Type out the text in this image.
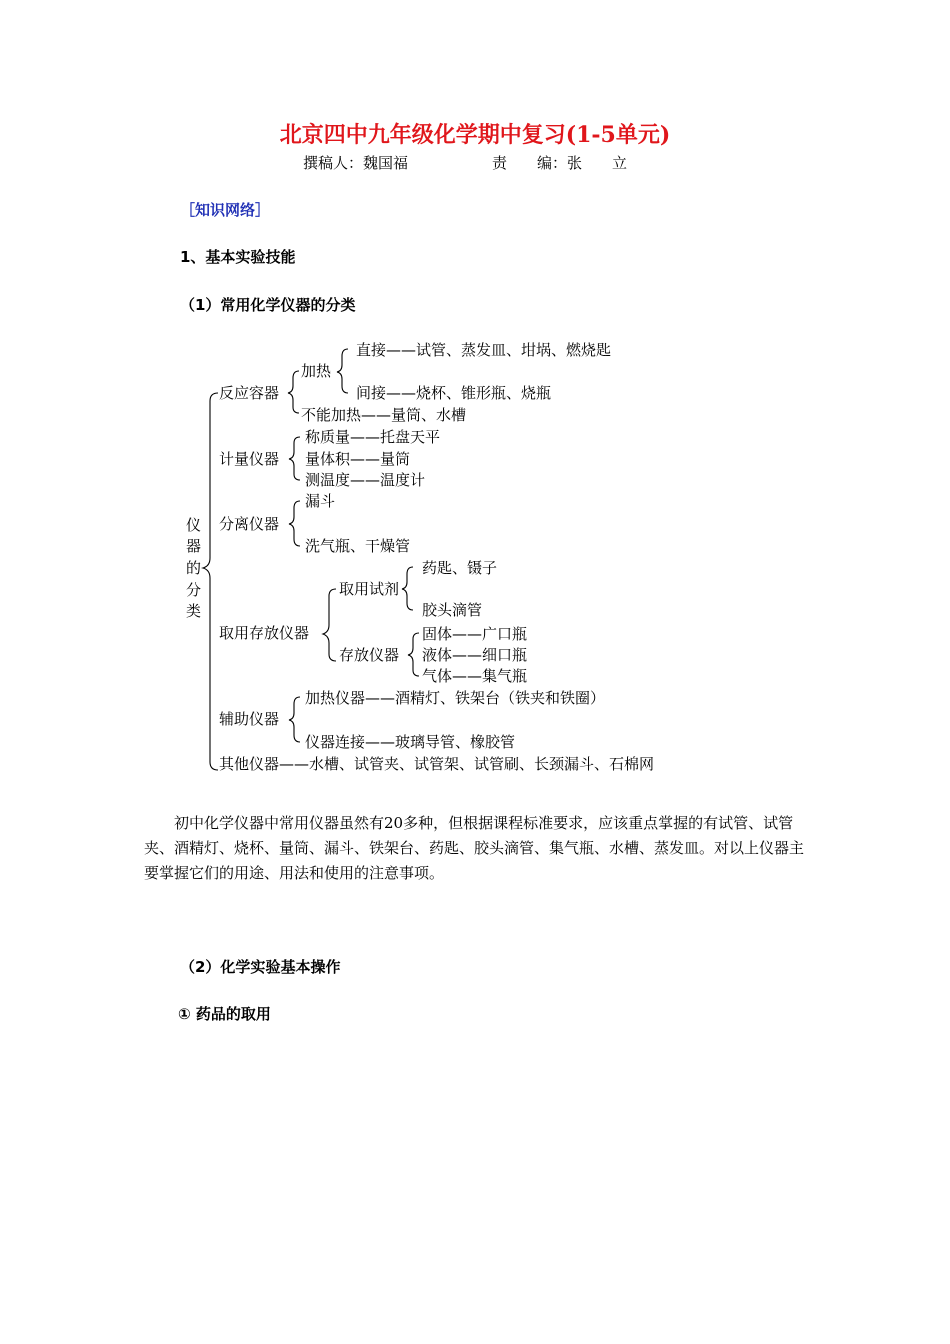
北京四中九年级化学期中复习(1-5单元)
撰稿人：魏国福	责　　编：张　　立
［知识网络］
1、基本实验技能
（1）常用化学仪器的分类
仪
器
的
分
类
反应容器
加热
直接——试管、蒸发皿、坩埚、燃烧匙
间接——烧杯、锥形瓶、烧瓶
不能加热——量筒、水槽
计量仪器
称质量——托盘天平
量体积——量筒
测温度——温度计
分离仪器
漏斗
洗气瓶、干燥管
取用存放仪器
取用试剂
药匙、镊子
胶头滴管
存放仪器
固体——广口瓶
液体——细口瓶
气体——集气瓶
辅助仪器
加热仪器——酒精灯、铁架台（铁夹和铁圈）
仪器连接——玻璃导管、橡胶管
其他仪器——水槽、试管夹、试管架、试管刷、长颈漏斗、石棉网
初中化学仪器中常用仪器虽然有20多种，但根据课程标准要求，应该重点掌握的有试管、试管夹、酒精灯、烧杯、量筒、漏斗、铁架台、药匙、胶头滴管、集气瓶、水槽、蒸发皿。对以上仪器主要掌握它们的用途、用法和使用的注意事项。
（2）化学实验基本操作
① 药品的取用
